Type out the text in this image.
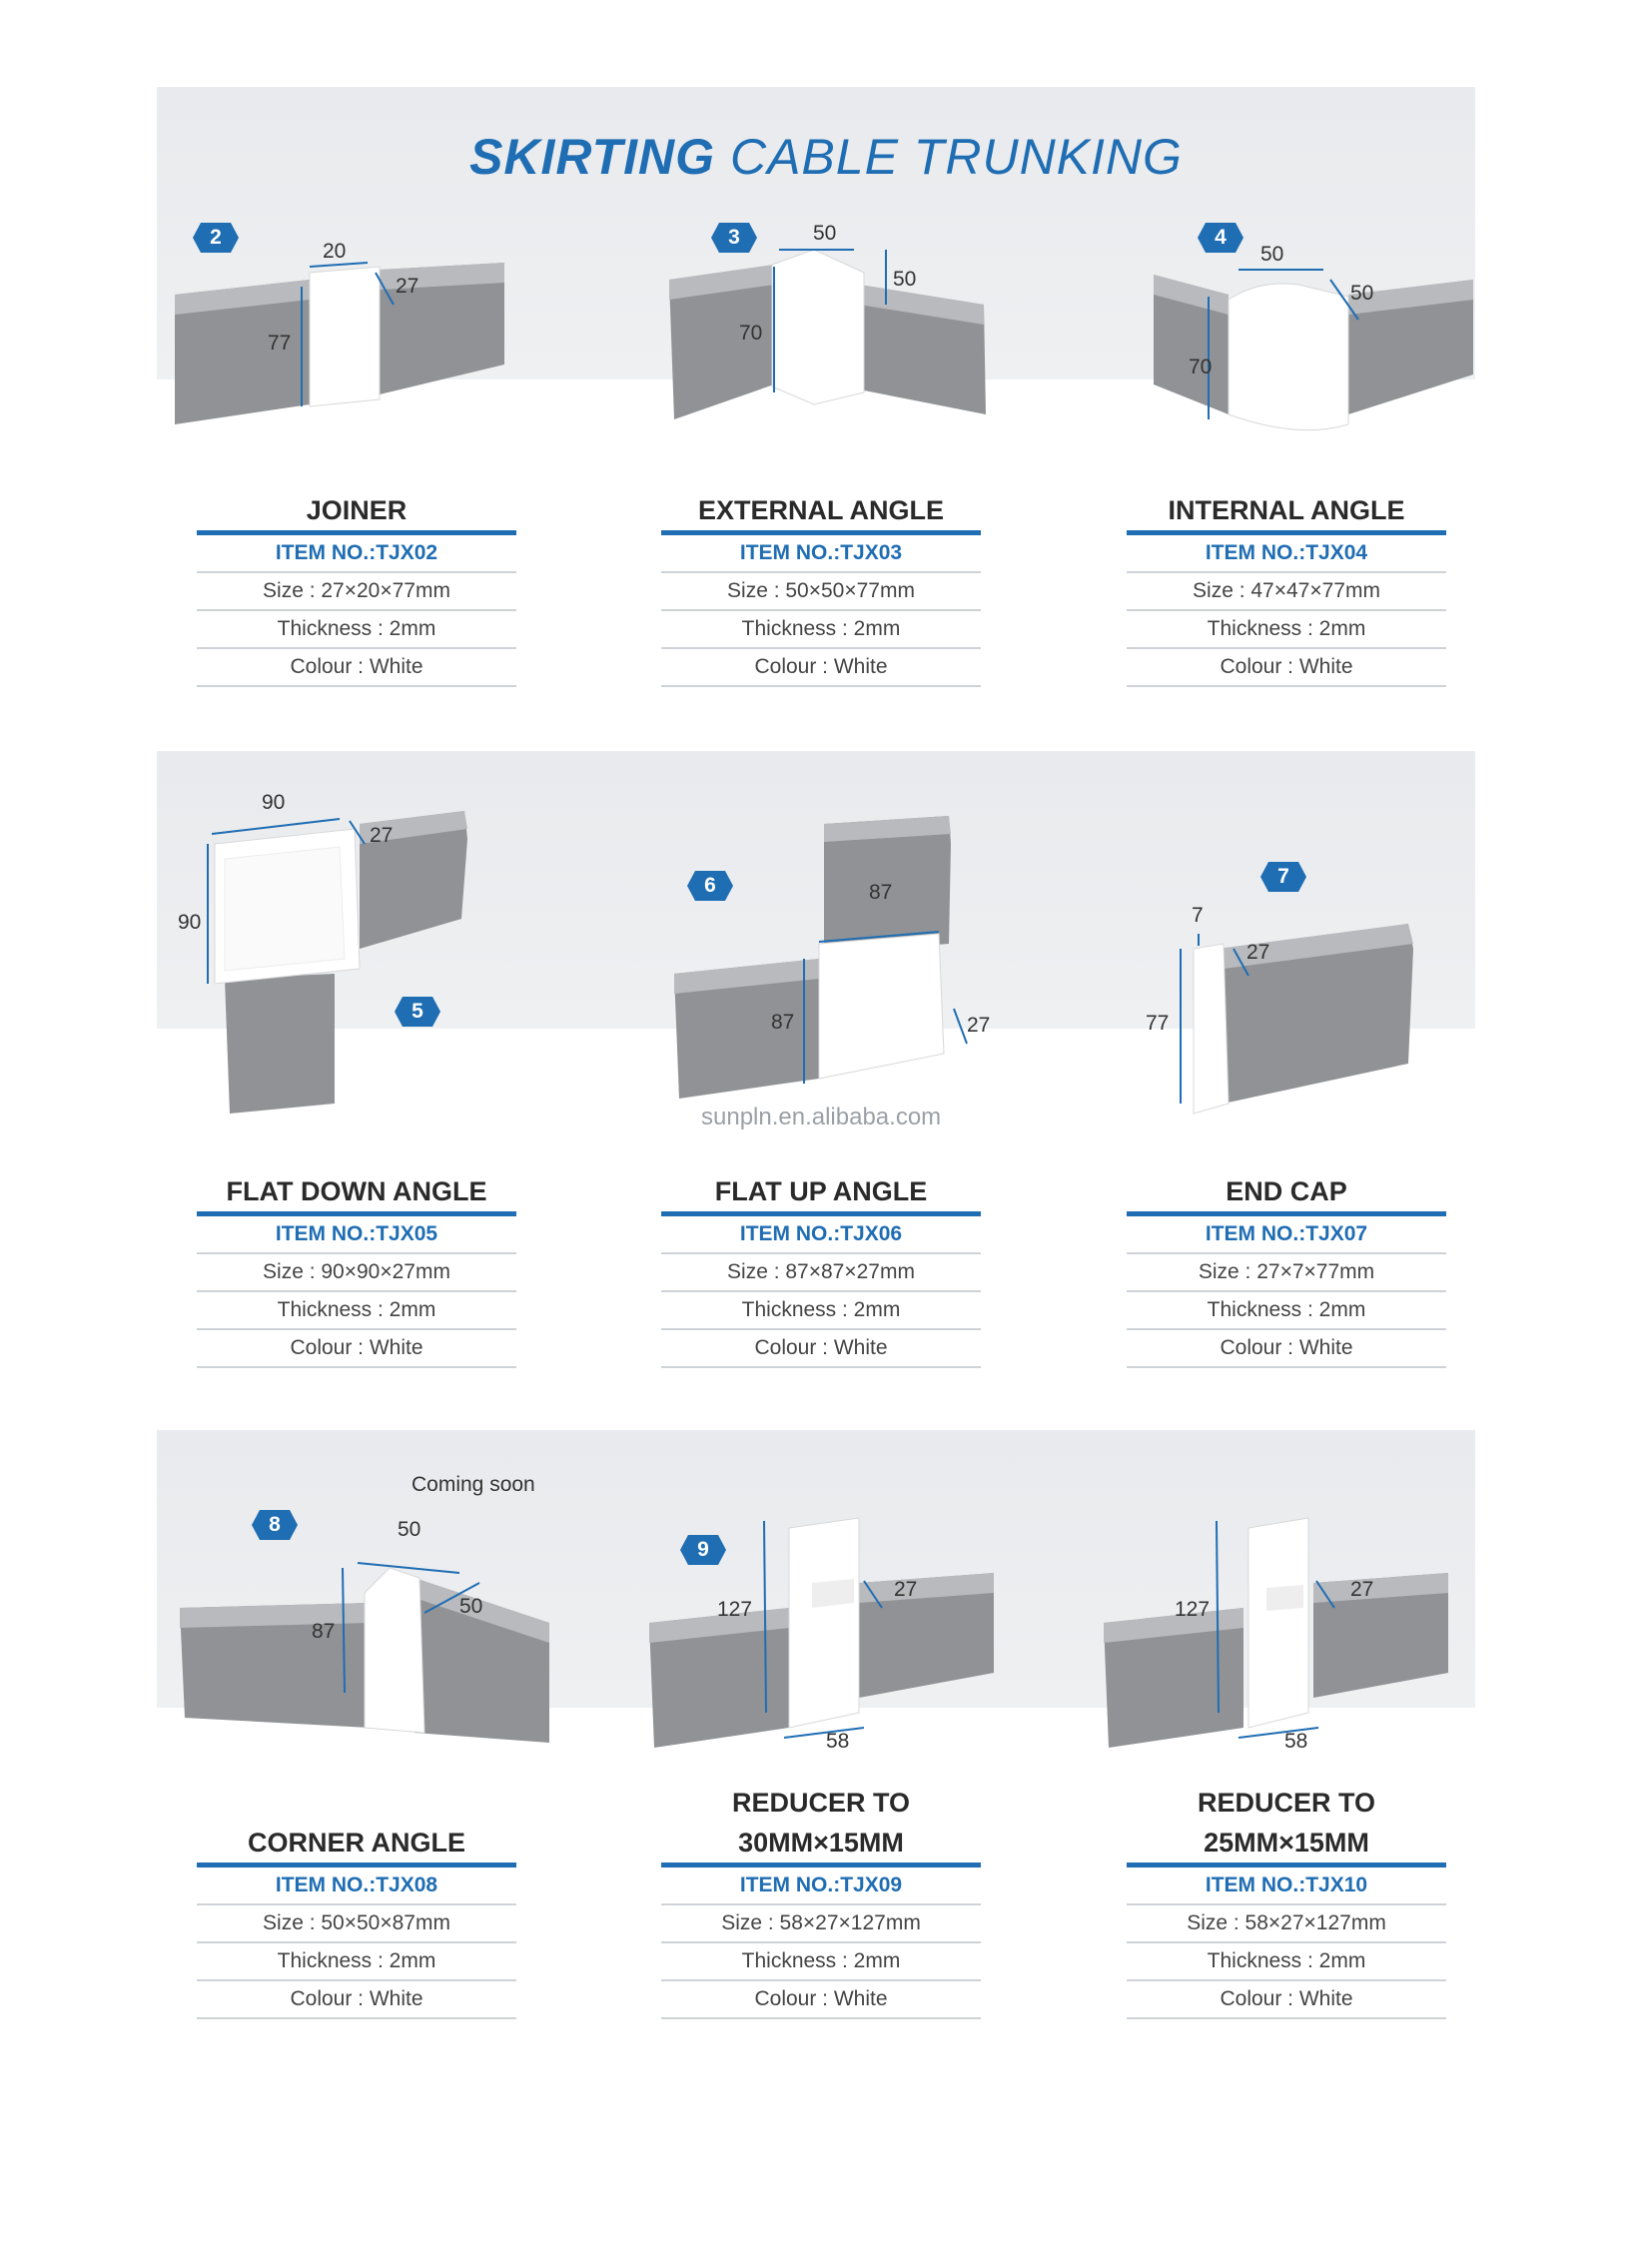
SKIRTING CABLE TRUNKING
2
20
27
77
3	50
50
70
4
50
50
70
JOINER
ITEM NO.:TJX02
Size : 27×20×77mm
Thickness : 2mm
Colour : White
EXTERNAL ANGLE
ITEM NO.:TJX03
Size : 50×50×77mm
Thickness : 2mm
Colour : White
INTERNAL ANGLE
ITEM NO.:TJX04
Size : 47×47×77mm
Thickness : 2mm
Colour : White
90
27
90
5
6	87
87	27
sunpln.en.alibaba.com
7
7
27
77
FLAT DOWN ANGLE
ITEM NO.:TJX05
Size : 90×90×27mm
Thickness : 2mm
Colour : White
FLAT UP ANGLE
ITEM NO.:TJX06
Size : 87×87×27mm
Thickness : 2mm
Colour : White
END CAP
ITEM NO.:TJX07
Size : 27×7×77mm
Thickness : 2mm
Colour : White
Coming soon
8	50
50
87
9
127
27
58
127
27
58
CORNER ANGLE
ITEM NO.:TJX08
Size : 50×50×87mm
Thickness : 2mm
Colour : White
REDUCER TO
30MM×15MM
ITEM NO.:TJX09
Size : 58×27×127mm
Thickness : 2mm
Colour : White
REDUCER TO
25MM×15MM
ITEM NO.:TJX10
Size : 58×27×127mm
Thickness : 2mm
Colour : White
